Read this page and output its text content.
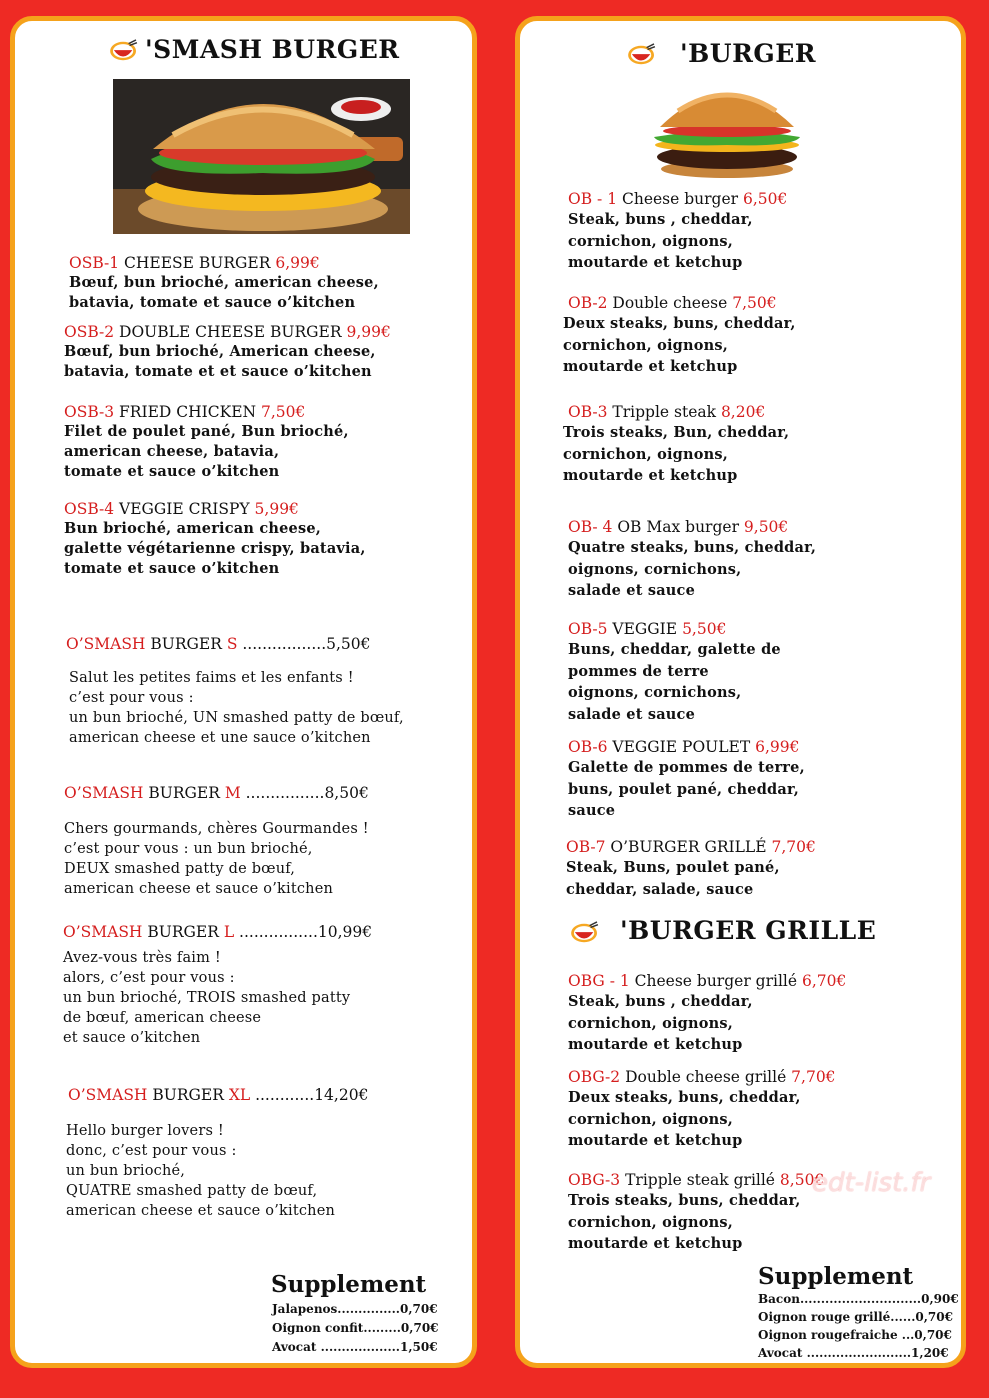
'SMASH BURGER
OSB-1 CHEESE BURGER 6,99€
Bœuf, bun brioché, american cheese,
batavia, tomate et sauce o’kitchen
OSB-2 DOUBLE CHEESE BURGER 9,99€
Bœuf, bun brioché, American cheese,
batavia, tomate et et sauce o’kitchen
OSB-3 FRIED CHICKEN 7,50€
Filet de poulet pané, Bun brioché,
american cheese, batavia,
tomate et sauce o’kitchen
OSB-4 VEGGIE CRISPY 5,99€
Bun brioché, american cheese,
galette végétarienne crispy, batavia,
tomate et sauce o’kitchen
O’SMASH BURGER S .................5,50€
Salut les petites faims et les enfants !
c’est pour vous :
un bun brioché, UN smashed patty de bœuf,
american cheese et une sauce o’kitchen
O’SMASH BURGER M ................8,50€
Chers gourmands, chères Gourmandes !
c’est pour vous : un bun brioché,
DEUX smashed patty de bœuf,
american cheese et sauce o’kitchen
O’SMASH BURGER L ................10,99€
Avez-vous très faim !
alors, c’est pour vous :
un bun brioché, TROIS smashed patty
de bœuf, american cheese
et sauce o’kitchen
O’SMASH BURGER XL ............14,20€
Hello burger lovers !
donc, c’est pour vous :
un bun brioché,
QUATRE smashed patty de bœuf,
american cheese et sauce o’kitchen
Supplement
Jalapenos...............0,70€
Oignon confit.........0,70€
Avocat ...................1,50€
'BURGER
OB - 1 Cheese burger 6,50€
Steak, buns , cheddar,
cornichon, oignons,
moutarde et ketchup
OB-2 Double cheese 7,50€
Deux steaks, buns, cheddar,
cornichon, oignons,
moutarde et ketchup
OB-3 Tripple steak 8,20€
Trois steaks, Bun, cheddar,
cornichon, oignons,
moutarde et ketchup
OB- 4 OB Max burger 9,50€
Quatre steaks, buns, cheddar,
oignons, cornichons,
salade et sauce
OB-5 VEGGIE 5,50€
Buns, cheddar, galette de
pommes de terre
oignons, cornichons,
salade et sauce
OB-6 VEGGIE POULET 6,99€
Galette de pommes de terre,
buns, poulet pané, cheddar,
sauce
OB-7 O’BURGER GRILLÉ 7,70€
Steak, Buns, poulet pané,
cheddar, salade, sauce
'BURGER GRILLE
OBG - 1 Cheese burger grillé 6,70€
Steak, buns , cheddar,
cornichon, oignons,
moutarde et ketchup
OBG-2 Double cheese grillé 7,70€
Deux steaks, buns, cheddar,
cornichon, oignons,
moutarde et ketchup
OBG-3 Tripple steak grillé 8,50€
Trois steaks, buns, cheddar,
cornichon, oignons,
moutarde et ketchup
Supplement
Bacon.............................0,90€
Oignon rouge grillé......0,70€
Oignon rougefraiche ...0,70€
Avocat .........................1,20€
edt-list.fr
